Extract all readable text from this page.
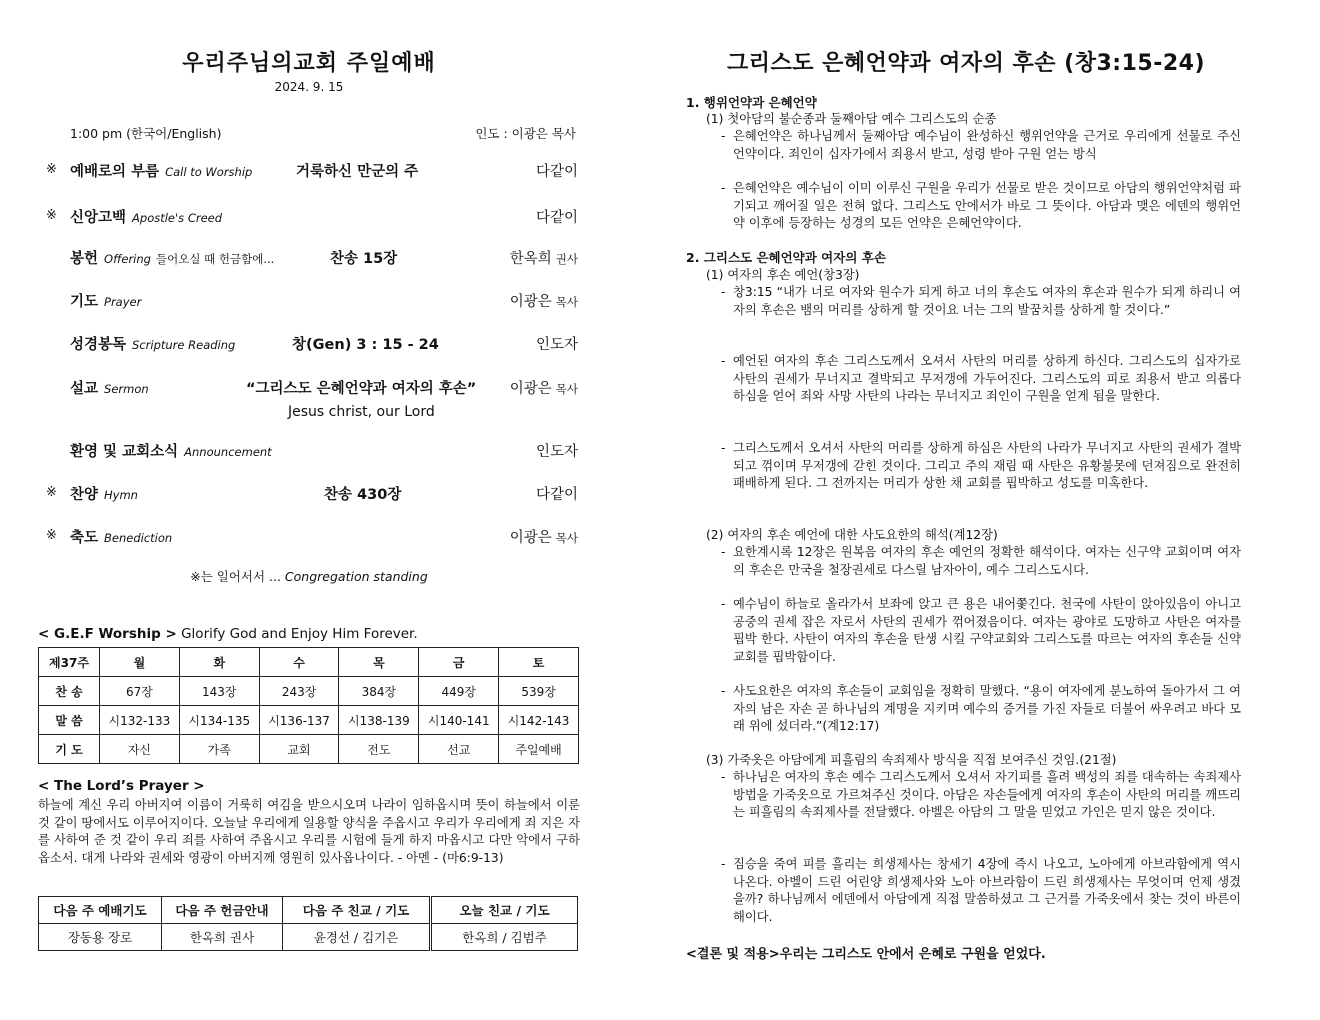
우리주님의교회 주일예배
2024. 9. 15
1:00 pm (한국어/English)	인도 : 이광은 목사
※ 예배로의 부름 Call to Worship	거룩하신 만군의 주	다같이
※ 신앙고백 Apostle's Creed	다같이
봉헌 Offering 들어오실 때 헌금함에...	찬송 15장	한옥희 권사
기도 Prayer	이광은 목사
성경봉독 Scripture Reading	창(Gen) 3 : 15 - 24	인도자
설교 Sermon	“그리스도 은혜언약과 여자의 후손” 이광은 목사
Jesus christ, our Lord
환영 및 교회소식 Announcement	인도자
※ 찬양 Hymn	찬송 430장	다같이
※ 축도 Benediction	이광은 목사
※는 일어서서 ... Congregation standing
< G.E.F Worship > Glorify God and Enjoy Him Forever.
제37주	월	화	수	목	금	토
찬 송	67장	143장	243장	384장	449장	539장
말 씀	시132-133	시134-135	시136-137	시138-139	시140-141	시142-143
기 도	자신	가족	교회	전도	선교	주일예배
< The Lord’s Prayer >
하늘에 계신 우리 아버지여 이름이 거룩히 여김을 받으시오며 나라이 임하옵시며 뜻이 하늘에서 이룬 것 같이 땅에서도 이루어지이다. 오늘날 우리에게 일용할 양식을 주옵시고 우리가 우리에게 죄 지은 자를 사하여 준 것 같이 우리 죄를 사하여 주옵시고 우리를 시험에 들게 하지 마옵시고 다만 악에서 구하옵소서. 대게 나라와 권세와 영광이 아버지께 영원히 있사옵나이다. - 아멘 - (마6:9-13)
다음 주 예배기도	다음 주 헌금안내	다음 주 친교 / 기도	오늘 친교 / 기도
장동용 장로	한옥희 권사	윤경선 / 김기은	한옥희 / 김범주
그리스도 은혜언약과 여자의 후손 (창3:15-24)
1. 행위언약과 은혜언약
(1) 첫아담의 불순종과 둘째아담 예수 그리스도의 순종
- 은혜언약은 하나님께서 둘째아담 예수님이 완성하신 행위언약을 근거로 우리에게 선물로 주신 언약이다. 죄인이 십자가에서 죄용서 받고, 성령 받아 구원 얻는 방식
- 은혜언약은 예수님이 이미 이루신 구원을 우리가 선물로 받은 것이므로 아담의 행위언약처럼 파기되고 깨어질 일은 전혀 없다. 그리스도 안에서가 바로 그 뜻이다. 아담과 맺은 에덴의 행위언약 이후에 등장하는 성경의 모든 언약은 은혜언약이다.
2. 그리스도 은혜언약과 여자의 후손
(1) 여자의 후손 예언(창3장)
- 창3:15 “내가 너로 여자와 원수가 되게 하고 너의 후손도 여자의 후손과 원수가 되게 하리니 여자의 후손은 뱀의 머리를 상하게 할 것이요 너는 그의 발꿈치를 상하게 할 것이다.”
- 예언된 여자의 후손 그리스도께서 오셔서 사탄의 머리를 상하게 하신다. 그리스도의 십자가로 사탄의 권세가 무너지고 결박되고 무저갱에 가두어진다. 그리스도의 피로 죄용서 받고 의롭다 하심을 얻어 죄와 사망 사탄의 나라는 무너지고 죄인이 구원을 얻게 됨을 말한다.
- 그리스도께서 오셔서 사탄의 머리를 상하게 하심은 사탄의 나라가 무너지고 사탄의 권세가 결박되고 꺾이며 무저갱에 갇힌 것이다. 그리고 주의 재림 때 사탄은 유황불못에 던져짐으로 완전히 패배하게 된다. 그 전까지는 머리가 상한 채 교회를 핍박하고 성도를 미혹한다.
(2) 여자의 후손 예언에 대한 사도요한의 해석(계12장)
- 요한계시록 12장은 원복음 여자의 후손 예언의 정확한 해석이다. 여자는 신구약 교회이며 여자의 후손은 만국을 철장권세로 다스릴 남자아이, 예수 그리스도시다.
- 예수님이 하늘로 올라가서 보좌에 앉고 큰 용은 내어쫓긴다. 천국에 사탄이 앉아있음이 아니고 공중의 권세 잡은 자로서 사탄의 권세가 꺾어졌음이다. 여자는 광야로 도망하고 사탄은 여자를 핍박 한다. 사탄이 여자의 후손을 탄생 시킬 구약교회와 그리스도를 따르는 여자의 후손들 신약교회를 핍박함이다.
- 사도요한은 여자의 후손들이 교회임을 정확히 말했다. “용이 여자에게 분노하여 돌아가서 그 여자의 남은 자손 곧 하나님의 계명을 지키며 예수의 증거를 가진 자들로 더불어 싸우려고 바다 모래 위에 섰더라.”(계12:17)
(3) 가죽옷은 아담에게 피흘림의 속죄제사 방식을 직접 보여주신 것임.(21절)
- 하나님은 여자의 후손 예수 그리스도께서 오셔서 자기피를 흘려 백성의 죄를 대속하는 속죄제사 방법을 가죽옷으로 가르쳐주신 것이다. 아담은 자손들에게 여자의 후손이 사탄의 머리를 깨뜨리는 피흘림의 속죄제사를 전달했다. 아벨은 아담의 그 말을 믿었고 가인은 믿지 않은 것이다.
- 짐승을 죽여 피를 흘리는 희생제사는 창세기 4장에 즉시 나오고, 노아에게 아브라함에게 역시 나온다. 아벨이 드린 어린양 희생제사와 노아 아브라함이 드린 희생제사는 무엇이며 언제 생겼을까? 하나님께서 에덴에서 아담에게 직접 말씀하셨고 그 근거를 가죽옷에서 찾는 것이 바른이해이다.
<결론 및 적용>우리는 그리스도 안에서 은혜로 구원을 얻었다.
